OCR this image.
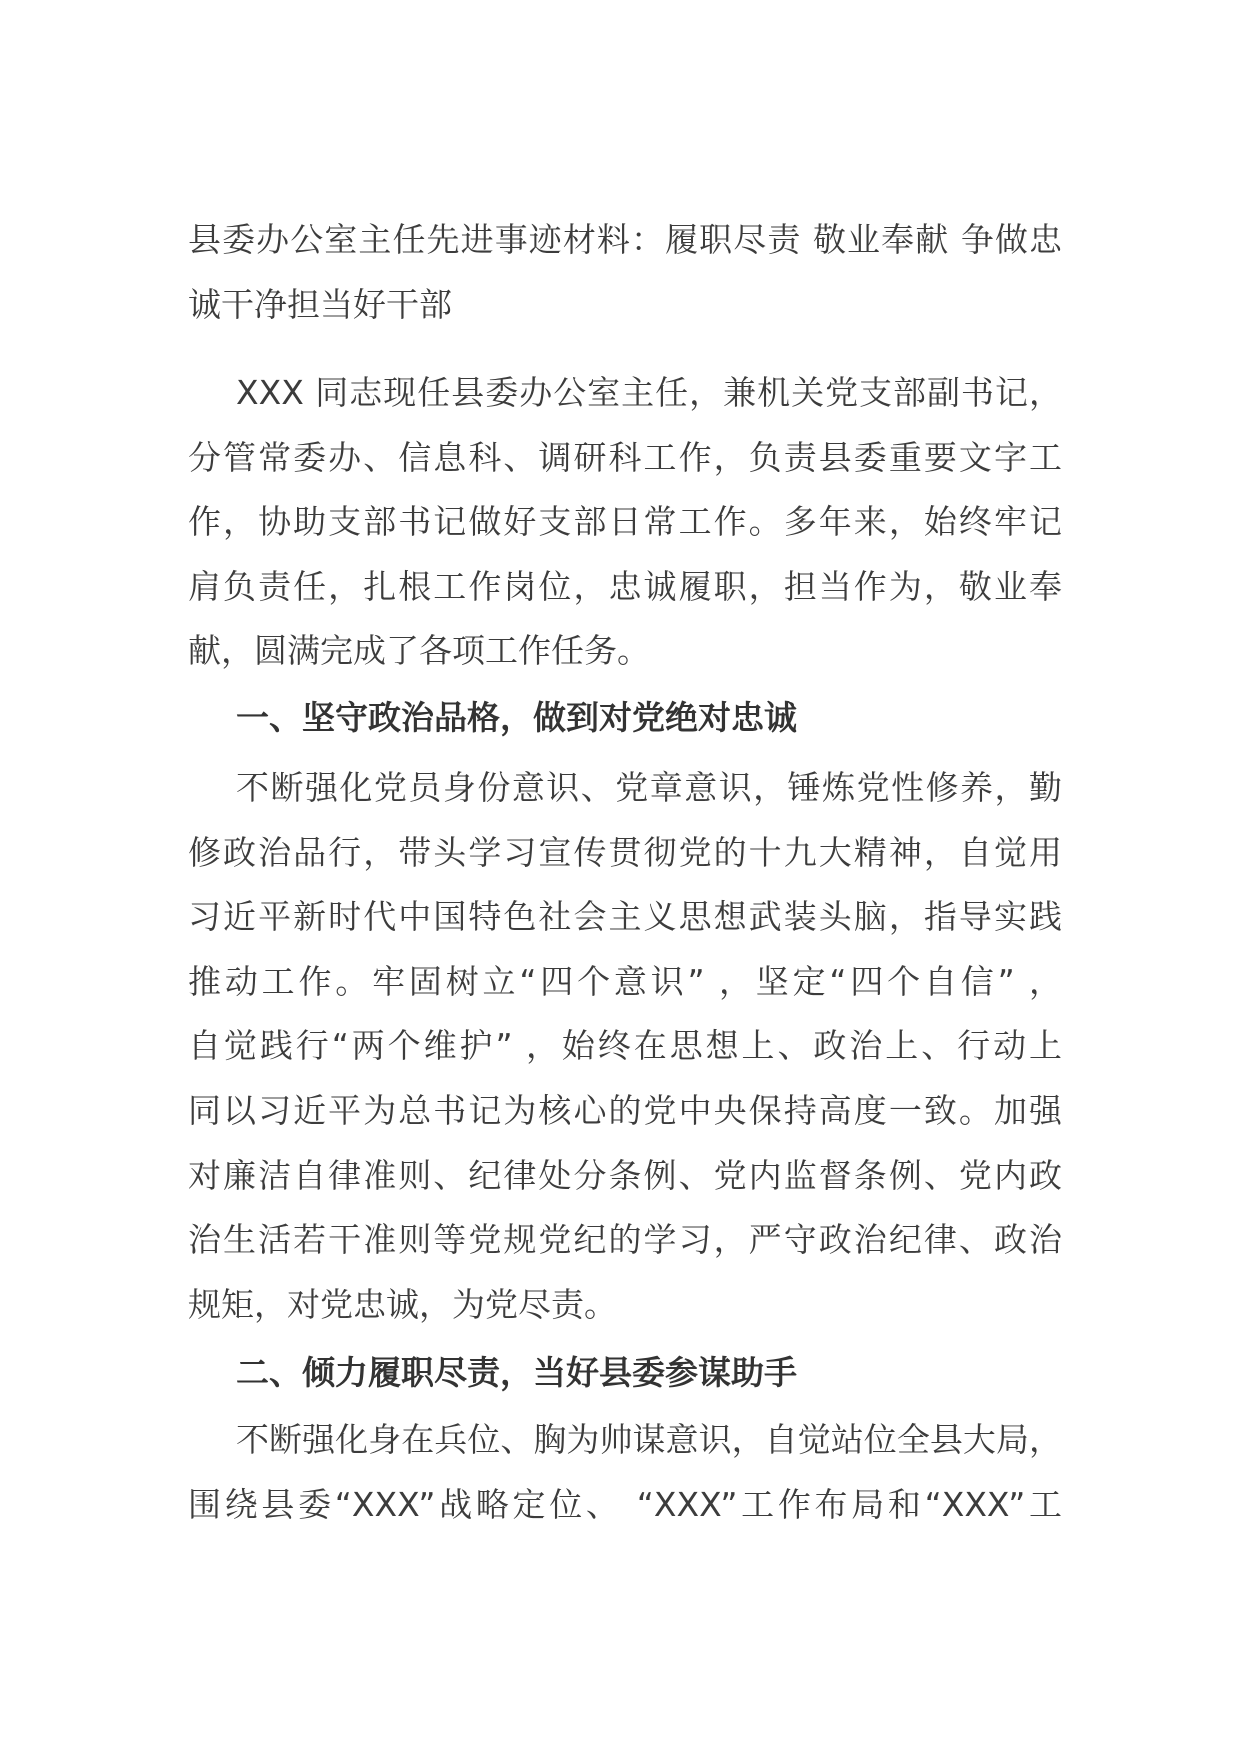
县委办公室主任先进事迹材料：履职尽责 敬业奉献 争做忠
诚干净担当好干部
XXX 同志现任县委办公室主任，兼机关党支部副书记，
分管常委办、信息科、调研科工作，负责县委重要文字工
作，协助支部书记做好支部日常工作。多年来，始终牢记
肩负责任，扎根工作岗位，忠诚履职，担当作为，敬业奉
献，圆满完成了各项工作任务。
一、坚守政治品格，做到对党绝对忠诚
不断强化党员身份意识、党章意识，锤炼党性修养，勤
修政治品行，带头学习宣传贯彻党的十九大精神，自觉用
习近平新时代中国特色社会主义思想武装头脑，指导实践
推动工作。牢固树立“四个意识” ，坚定“四个自信” ，
自觉践行“两个维护” ，始终在思想上、政治上、行动上
同以习近平为总书记为核心的党中央保持高度一致。加强
对廉洁自律准则、纪律处分条例、党内监督条例、党内政
治生活若干准则等党规党纪的学习，严守政治纪律、政治
规矩，对党忠诚，为党尽责。
二、倾力履职尽责，当好县委参谋助手
不断强化身在兵位、胸为帅谋意识，自觉站位全县大局，
围绕县委“XXX”战略定位、 “XXX”工作布局和“XXX”工
